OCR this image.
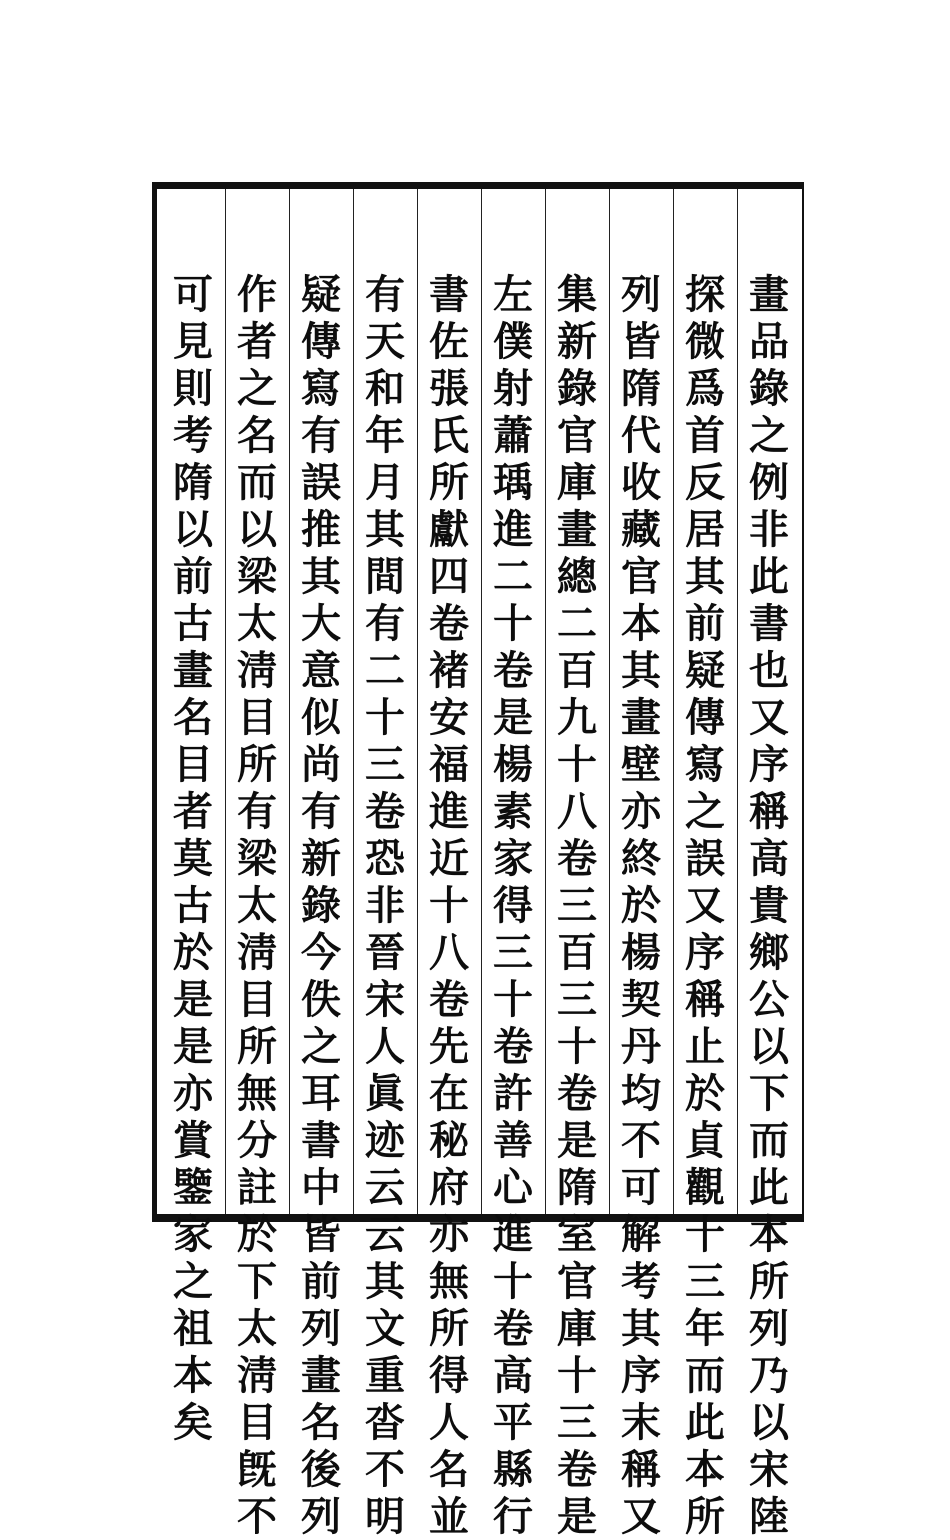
畫
品
錄
之
例
非
此
書
也
又
序
稱
高
貴
鄉
公
以
下
而
此
本
所
列
乃
以
宋
陸
探
微
爲
首
反
居
其
前
疑
傳
寫
之
誤
又
序
稱
止
於
貞
觀
十
三
年
而
此
本
所
列
皆
隋
代
收
藏
官
本
其
畫
壁
亦
終
於
楊
契
丹
均
不
可
解
考
其
序
末
稱
又
集
新
錄
官
庫
畫
總
二
百
九
十
八
卷
三
百
三
十
卷
是
隋
室
官
庫
十
三
卷
是
左
僕
射
蕭
瑀
進
二
十
卷
是
楊
素
家
得
三
十
卷
許
善
心
進
十
卷
高
平
縣
行
書
佐
張
氏
所
獻
四
卷
褚
安
福
進
近
十
八
卷
先
在
秘
府
亦
無
所
得
人
名
並
有
天
和
年
月
其
間
有
二
十
三
卷
恐
非
晉
宋
人
眞
迹
云
云
其
文
重
沓
不
明
疑
傳
寫
有
誤
推
其
大
意
似
尚
有
新
錄
今
佚
之
耳
書
中
皆
前
列
畫
名
後
列
作
者
之
名
而
以
梁
太
淸
目
所
有
梁
太
淸
目
所
無
分
註
於
下
太
淸
目
旣
不
可
見
則
考
隋
以
前
古
畫
名
目
者
莫
古
於
是
是
亦
賞
鑒
家
之
祖
本
矣
